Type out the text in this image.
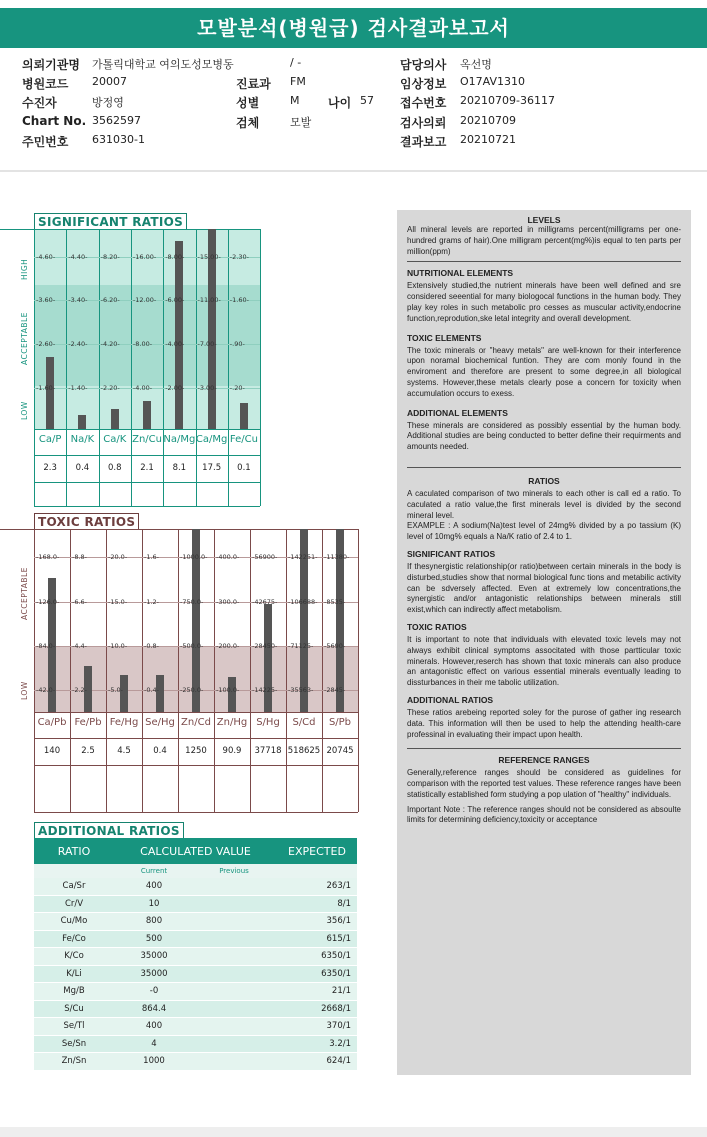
모발분석(병원급) 검사결과보고서
의뢰기관명 가톨릭대학교 여의도성모병동	/ -	담당의사 옥선명
병원코드 20007	진료과 FM	임상정보 O17AV1310
수진자	방정영	성별	M 나이 57 접수번호 20210709-36117
Chart No. 3562597	검체	모발	검사의뢰 20210709
주민번호 631030-1	결과보고 20210721
SIGNIFICANT RATIOS
HIGH
ACCEPTABLE
LOW
-4.60-
-3.60-
-2.60-
-1.60-
-4.40-
-3.40-
-2.40-
-1.40-
-8.20-
-6.20-
-4.20-
-2.20-
-16.00-
-12.00-
-8.00-
-4.00-
-8.00-
-6.00-
-4.00-
-2.00-
-15.00-
-11.00-
-7.00-
-3.00-
-2.30-
-1.60-
-.90-
-.20-
Ca/P Na/K Ca/K Zn/Cu Na/Mg Ca/Mg Fe/Cu
2.3	0.4	0.8	2.1	8.1	17.5	0.1
TOXIC RATIOS
ACCEPTABLE
LOW
-168.0-
-126.0-
-84.0-
-42.0-
-8.8-
-6.6-
-4.4-
-2.2-
-20.0-
-15.0-
-10.0-
-5.0-
-1.6-
-1.2-
-0.8-
-0.4-
-1000.0-
-750.0-
-500.0-
-250.0-
-400.0-
-300.0-
-200.0-
-100.0-
-56900-
-42675-
-28450-
-14225-
-142251-
-106688-
-71125-
-35563-
-11380-
-8535-
-5690-
-2845-
Ca/Pb Fe/Pb Fe/Hg Se/Hg Zn/Cd Zn/Hg S/Hg	S/Cd	S/Pb
140	2.5	4.5	0.4	1250	90.9	37718 518625 20745
ADDITIONAL RATIOS
RATIO	CALCULATED VALUE	EXPECTED
Current	Previous
Ca/Sr	400	263/1
Cr/V	10	8/1
Cu/Mo	800	356/1
Fe/Co	500	615/1
K/Co	35000	6350/1
K/Li	35000	6350/1
Mg/B	-0	21/1
S/Cu	864.4	2668/1
Se/Tl	400	370/1
Se/Sn	4	3.2/1
Zn/Sn	1000	624/1
LEVELS
All mineral levels are reported in milligrams percent(milligrams per one-hundred grams of hair).One milligram percent(mg%)is equal to ten parts per million(ppm)
NUTRITIONAL ELEMENTS
Extensively studied,the nutrient minerals have been well defined and sre considered seeential for many biologocal functions in the human body. They play key roles in such metabolic pro cesses as muscular activity,endocrine function,reprodution,ske letal integrity and overall development.
TOXIC ELEMENTS
The toxic minerals or "heavy metals" are well-known for their interference upon noramal biochemical funtion. They are com monly found in the enviroment and therefore are present to some degree,in all biological systems. However,these metals clearly pose a concern for toxicity when accumulation occurs to exess.
ADDITIONAL ELEMENTS
These minerals are considered as possibly essential by the human body. Additional studies are being conducted to better define their requirments and amounts needed.
RATIOS
A caculated comparison of two minerals to each other is call ed a ratio. To caculated a ratio value,the first minerals level is divided by the second mineral level.
EXAMPLE : A sodium(Na)test level of 24mg% divided by a po tassium (K) level of 10mg% equals a Na/K ratio of 2.4 to 1.
SIGNIFICANT RATIOS
If thesynergistic relationship(or ratio)between certain minerals in the body is disturbed,studies show that normal biological func tions and metabilic activity can be sdversely affected. Even at extremely low concentrations,the synergistic and/or antagonistic relationships between minerals still exist,which can indirectly affect metabolism.
TOXIC RATIOS
It is important to note that individuals with elevated toxic levels may not always exhibit clinical symptoms associtated with those partticular toxic minerals. However,reserch has shown that toxic minerals can also produce an antagonistic effect on various essential minerals eventually leading to dissturbances in their me tabolic utilization.
ADDITIONAL RATIOS
These ratios arebeing reported soley for the purose of gather ing research data. This information will then be used to help the attending health-care professinal in evaluating their impact upon health.
REFERENCE RANGES
Generally,reference ranges should be considered as guidelines for comparison with the reported test values. These reference ranges have been statistically established form studying a pop ulation of "healthy" individuals.
Important Note : The reference ranges should not be considered as absoulte limits for determining deficiency,toxicity or acceptance
